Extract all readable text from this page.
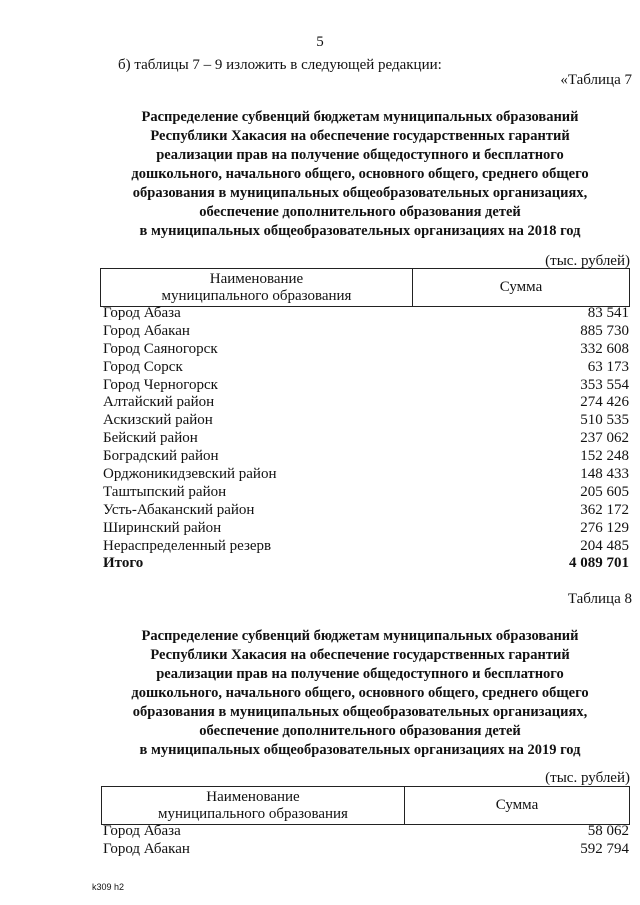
5
б) таблицы 7 – 9 изложить в следующей редакции:
«Таблица 7
Распределение субвенций бюджетам муниципальных образований
Республики Хакасия на обеспечение государственных гарантий
реализации прав на получение общедоступного и бесплатного
дошкольного, начального общего, основного общего, среднего общего
образования в муниципальных общеобразовательных организациях,
обеспечение дополнительного образования детей
в муниципальных общеобразовательных организациях на 2018 год
(тыс. рублей)
Наименование
муниципального образования
	Сумма
Город Абаза	83 541
Город Абакан	885 730
Город Саяногорск	332 608
Город Сорск	63 173
Город Черногорск	353 554
Алтайский район	274 426
Аскизский район	510 535
Бейский район	237 062
Боградский район	152 248
Орджоникидзевский район	148 433
Таштыпский район	205 605
Усть-Абаканский район	362 172
Ширинский район	276 129
Нераспределенный резерв	204 485
Итого	4 089 701
Таблица 8
Распределение субвенций бюджетам муниципальных образований
Республики Хакасия на обеспечение государственных гарантий
реализации прав на получение общедоступного и бесплатного
дошкольного, начального общего, основного общего, среднего общего
образования в муниципальных общеобразовательных организациях,
обеспечение дополнительного образования детей
в муниципальных общеобразовательных организациях на 2019 год
(тыс. рублей)
Наименование
муниципального образования
	Сумма
Город Абаза	58 062
Город Абакан	592 794
k309 h2
